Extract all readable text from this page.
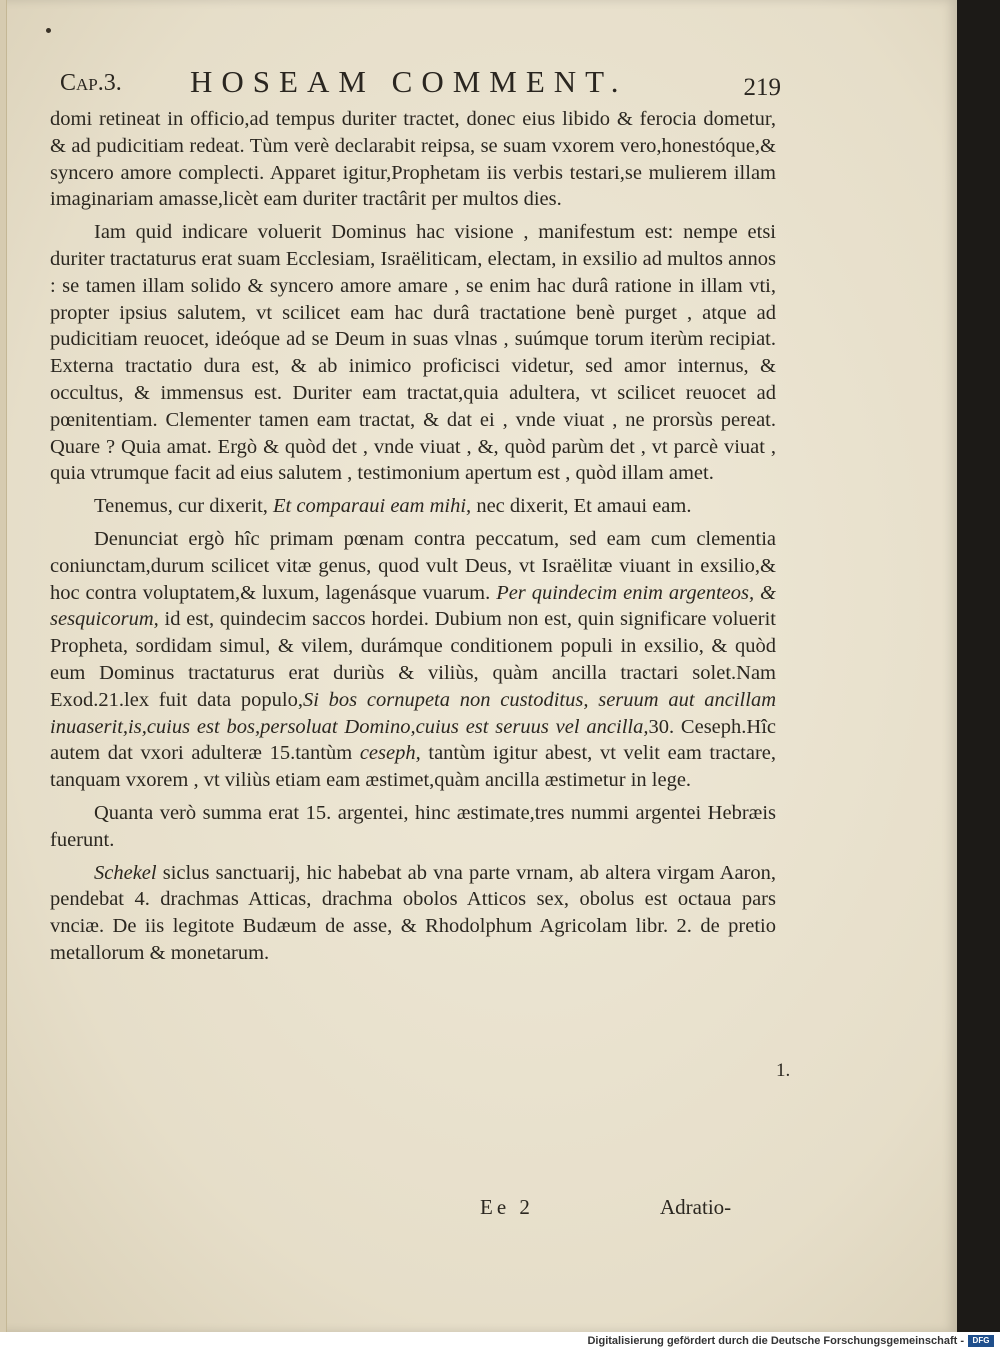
Cap.3. HOSEAM COMMENT.	219

domi retineat in officio,ad tempus duriter tractet, donec eius libido & ferocia dometur, & ad pudicitiam redeat. Tùm verè declarabit reipsa, se suam vxorem vero,honestóque,& syncero amore complecti. Apparet igitur,Prophetam iis verbis testari,se mulierem illam imaginariam amasse,licèt eam duriter tractârit per multos dies.

Iam quid indicare voluerit Dominus hac visione , manifestum est: nempe etsi duriter tractaturus erat suam Ecclesiam, Israëliticam, electam, in exsilio ad multos annos : se tamen illam solido & syncero amore amare , se enim hac durâ ratione in illam vti, propter ipsius salutem, vt scilicet eam hac durâ tractatione benè purget , atque ad pudicitiam reuocet, ideóque ad se Deum in suas vlnas , suúmque torum iterùm recipiat. Externa tractatio dura est, & ab inimico proficisci videtur, sed amor internus, & occultus, & immensus est. Duriter eam tractat,quia adultera, vt scilicet reuocet ad pœnitentiam. Clementer tamen eam tractat, & dat ei , vnde viuat , ne prorsùs pereat. Quare ? Quia amat. Ergò & quòd det , vnde viuat , &, quòd parùm det , vt parcè viuat , quia vtrumque facit ad eius salutem , testimonium apertum est , quòd illam amet.

Tenemus, cur dixerit, Et comparaui eam mihi, nec dixerit, Et amaui eam.

Denunciat ergò hîc primam pœnam contra peccatum, sed eam cum clementia coniunctam,durum scilicet vitæ genus, quod vult Deus, vt Israëlitæ viuant in exsilio,& hoc contra voluptatem,& luxum, lagenásque vuarum. Per quindecim enim argenteos, & sesquicorum, id est, quindecim saccos hordei. Dubium non est, quin significare voluerit Propheta, sordidam simul, & vilem, durámque conditionem populi in exsilio, & quòd eum Dominus tractaturus erat duriùs & viliùs, quàm ancilla tractari solet.Nam Exod.21.lex fuit data populo,Si bos cornupeta non custoditus, seruum aut ancillam inuaserit,is,cuius est bos,persoluat Domino,cuius est seruus vel ancilla,30. Ceseph.Hîc autem dat vxori adulteræ 15.tantùm ceseph, tantùm igitur abest, vt velit eam tractare, tanquam vxorem , vt viliùs etiam eam æstimet,quàm ancilla æstimetur in lege.

Quanta verò summa erat 15. argentei, hinc æstimate,tres nummi argentei Hebræis fuerunt.

Schekel siclus sanctuarij, hic habebat ab vna parte vrnam, ab altera virgam Aaron, pendebat 4. drachmas Atticas, drachma obolos Atticos sex, obolus est octaua pars vnciæ. De iis legitote Budæum de asse, & Rhodolphum Agricolam libr. 2. de pretio metallorum & monetarum.

1.
Ee 2	Adratio-
Digitalisierung gefördert durch die Deutsche Forschungsgemeinschaft -	DFG
